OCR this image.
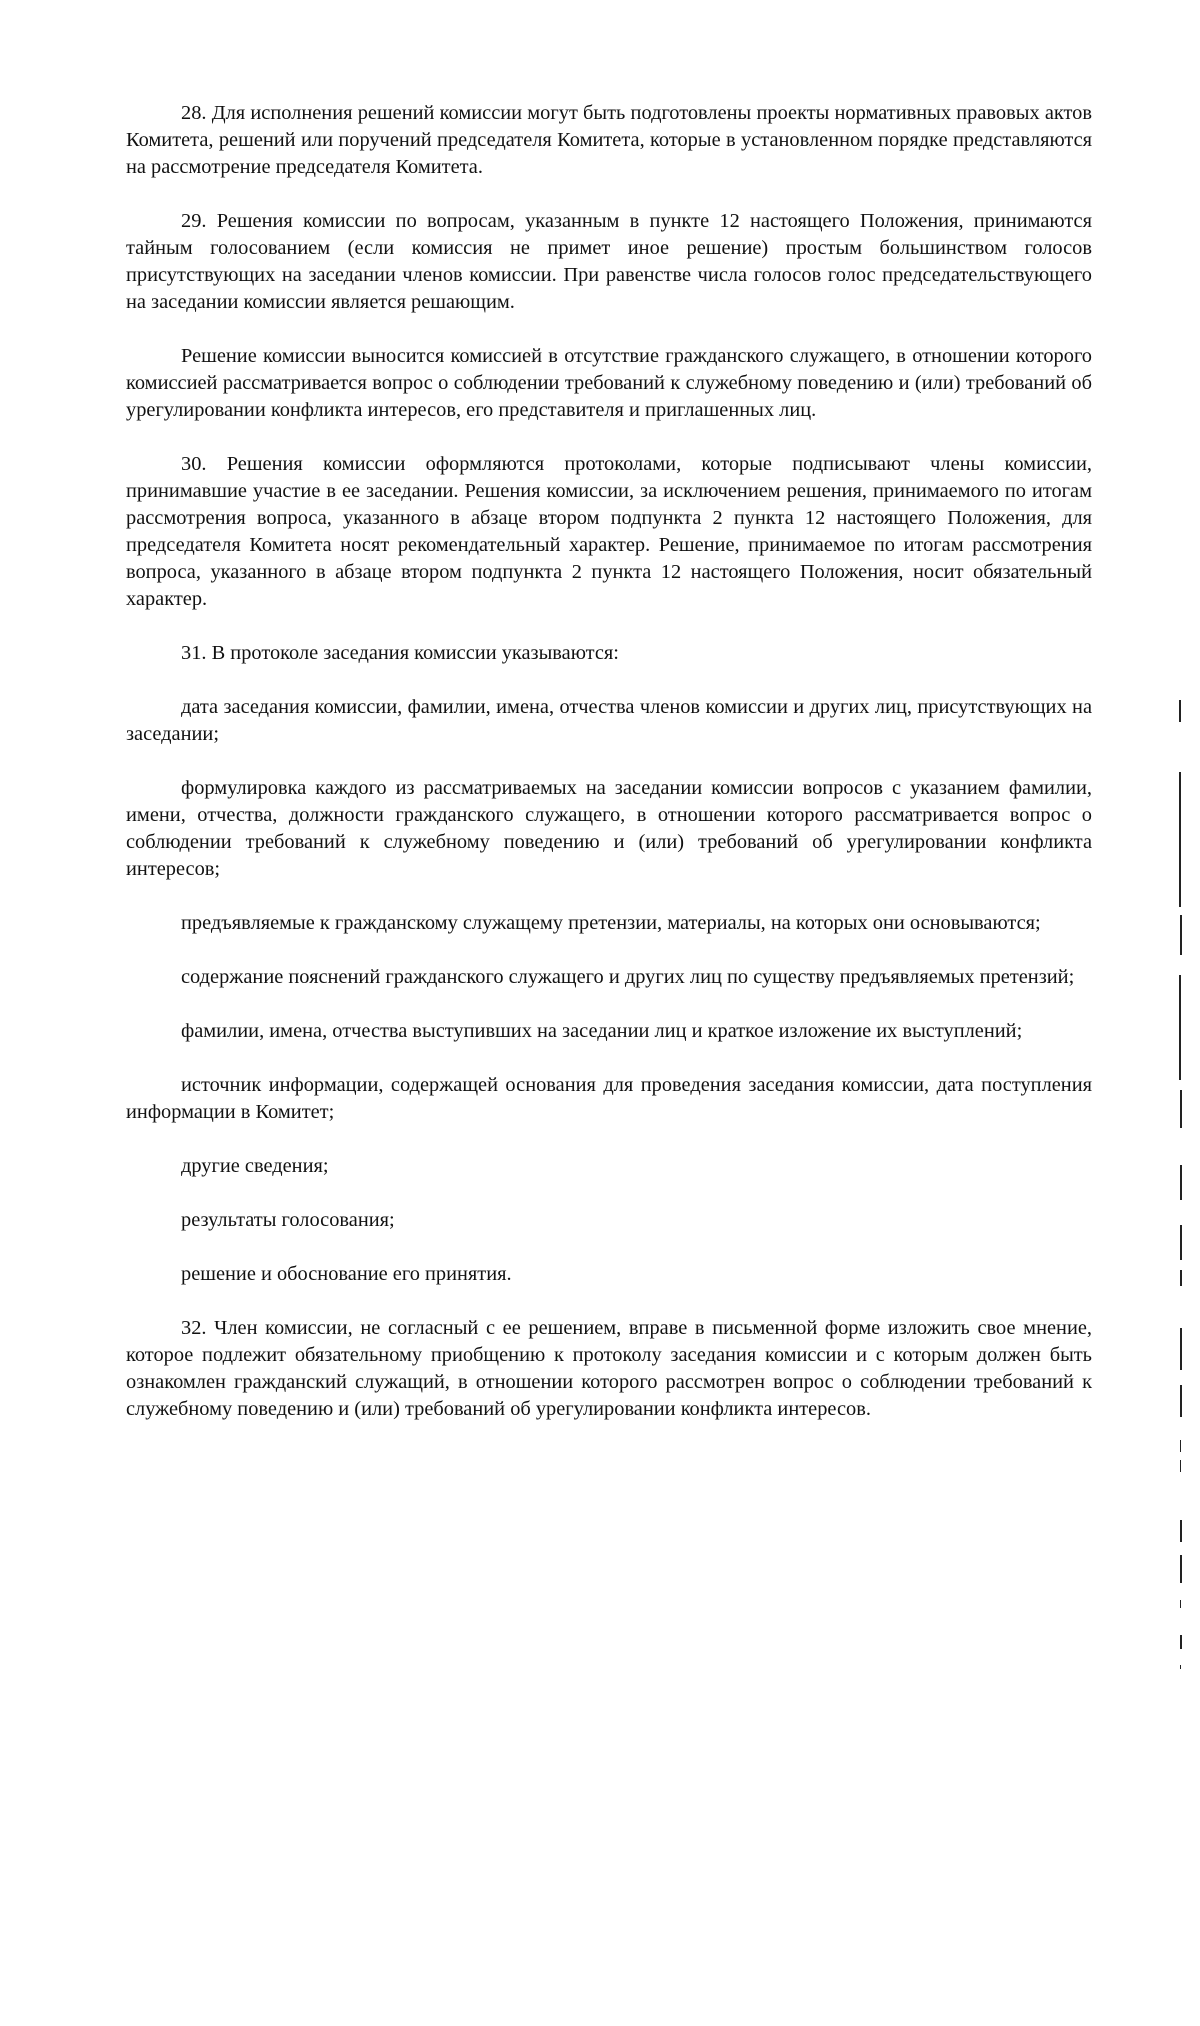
28. Для исполнения решений комиссии могут быть подготовлены проекты нормативных правовых актов Комитета, решений или поручений председателя Комитета, которые в установленном порядке представляются на рассмотрение председателя Комитета.

29. Решения комиссии по вопросам, указанным в пункте 12 настоящего Положения, принимаются тайным голосованием (если комиссия не примет иное решение) простым большинством голосов присутствующих на заседании членов комиссии. При равенстве числа голосов голос председательствующего на заседании комиссии является решающим.

Решение комиссии выносится комиссией в отсутствие гражданского служащего, в отношении которого комиссией рассматривается вопрос о соблюдении требований к служебному поведению и (или) требований об урегулировании конфликта интересов, его представителя и приглашенных лиц.

30. Решения комиссии оформляются протоколами, которые подписывают члены комиссии, принимавшие участие в ее заседании. Решения комиссии, за исключением решения, принимаемого по итогам рассмотрения вопроса, указанного в абзаце втором подпункта 2 пункта 12 настоящего Положения, для председателя Комитета носят рекомендательный характер. Решение, принимаемое по итогам рассмотрения вопроса, указанного в абзаце втором подпункта 2 пункта 12 настоящего Положения, носит обязательный характер.

31. В протоколе заседания комиссии указываются:

дата заседания комиссии, фамилии, имена, отчества членов комиссии и других лиц, присутствующих на заседании;

формулировка каждого из рассматриваемых на заседании комиссии вопросов с указанием фамилии, имени, отчества, должности гражданского служащего, в отношении которого рассматривается вопрос о соблюдении требований к служебному поведению и (или) требований об урегулировании конфликта интересов;

предъявляемые к гражданскому служащему претензии, материалы, на которых они основываются;

содержание пояснений гражданского служащего и других лиц по существу предъявляемых претензий;

фамилии, имена, отчества выступивших на заседании лиц и краткое изложение их выступлений;

источник информации, содержащей основания для проведения заседания комиссии, дата поступления информации в Комитет;

другие сведения;

результаты голосования;

решение и обоснование его принятия.

32. Член комиссии, не согласный с ее решением, вправе в письменной форме изложить свое мнение, которое подлежит обязательному приобщению к протоколу заседания комиссии и с которым должен быть ознакомлен гражданский служащий, в отношении которого рассмотрен вопрос о соблюдении требований к служебному поведению и (или) требований об урегулировании конфликта интересов.
